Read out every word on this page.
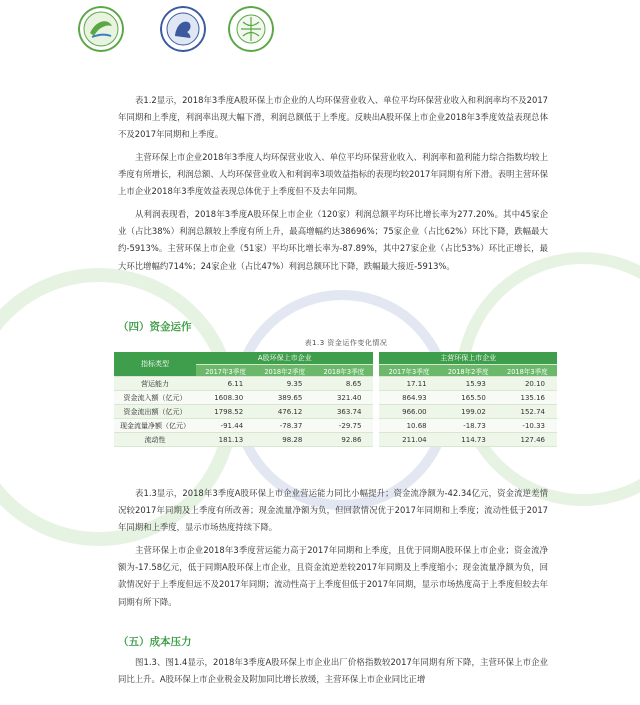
表1.2显示，2018年3季度A股环保上市企业的人均环保营业收入、单位平均环保营业收入和利润率均不及2017年同期和上季度，利润率出现大幅下滑，利润总额低于上季度。反映出A股环保上市企业2018年3季度效益表现总体不及2017年同期和上季度。

主营环保上市企业2018年3季度人均环保营业收入、单位平均环保营业收入、利润率和盈利能力综合指数均较上季度有所增长，利润总额、人均环保营业收入和利润率3项效益指标的表现均较2017年同期有所下滑。表明主营环保上市企业2018年3季度效益表现总体优于上季度但不及去年同期。

从利润表现看，2018年3季度A股环保上市企业（120家）利润总额平均环比增长率为277.20%。其中45家企业（占比38%）利润总额较上季度有所上升，最高增幅约达38696%；75家企业（占比62%）环比下降，跌幅最大约-5913%。主营环保上市企业（51家）平均环比增长率为-87.89%，其中27家企业（占比53%）环比正增长，最大环比增幅约714%；24家企业（占比47%）利润总额环比下降，跌幅最大接近-5913%。

（四）资金运作
表1.3 资金运作变化情况
指标类型	A股环保上市企业				主营环保上市企业		
	2017年3季度	2018年2季度	2018年3季度		2017年3季度	2018年2季度	2018年3季度
营运能力	6.11	9.35	8.65		17.11	15.93	20.10
资金流入额（亿元）	1608.30	389.65	321.40		864.93	165.50	135.16
资金流出额（亿元）	1798.52	476.12	363.74		966.00	199.02	152.74
现金流量净额（亿元）	-91.44	-78.37	-29.75		10.68	-18.73	-10.33
流动性	181.13	98.28	92.86		211.04	114.73	127.46

表1.3显示，2018年3季度A股环保上市企业营运能力同比小幅提升；资金流净额为-42.34亿元，资金流逆差情况较2017年同期及上季度有所改善；现金流量净额为负，但回款情况优于2017年同期和上季度；流动性低于2017年同期和上季度，显示市场热度持续下降。

主营环保上市企业2018年3季度营运能力高于2017年同期和上季度，且优于同期A股环保上市企业；资金流净额为-17.58亿元，低于同期A股环保上市企业，且资金流逆差较2017年同期及上季度缩小；现金流量净额为负，回款情况好于上季度但远不及2017年同期；流动性高于上季度但低于2017年同期，显示市场热度高于上季度但较去年同期有所下降。

（五）成本压力

图1.3、图1.4显示，2018年3季度A股环保上市企业出厂价格指数较2017年同期有所下降，主营环保上市企业同比上升。A股环保上市企业税金及附加同比增长放缓，主营环保上市企业同比正增
